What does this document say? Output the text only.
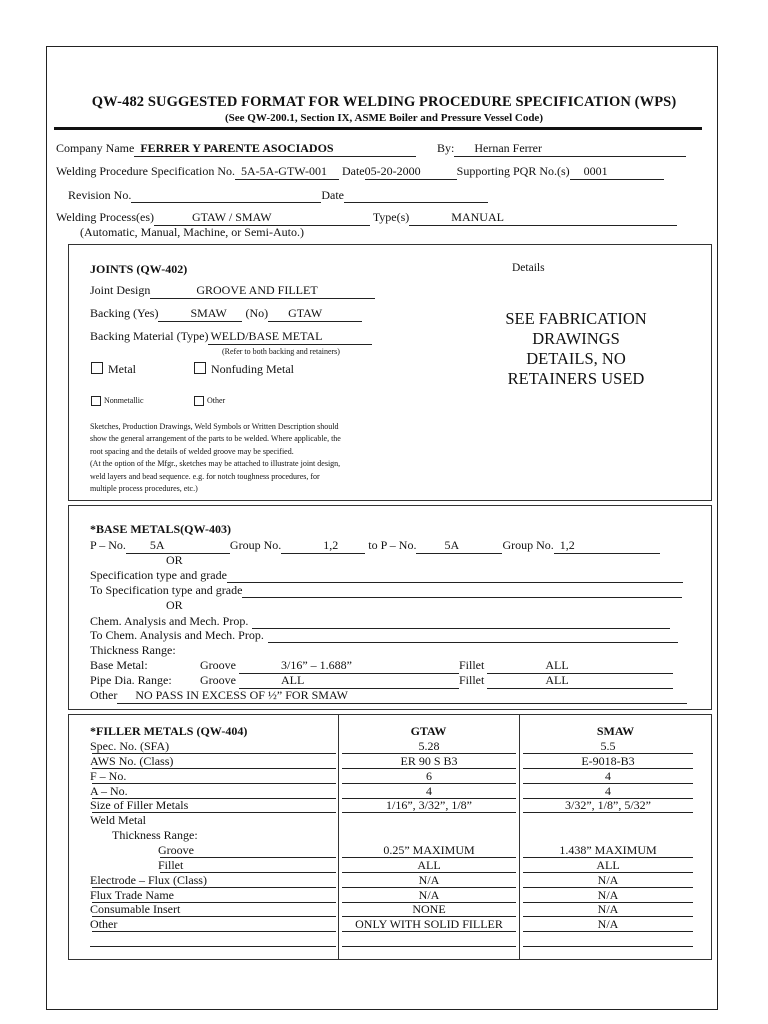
QW-482 SUGGESTED FORMAT FOR WELDING PROCEDURE SPECIFICATION (WPS)
(See QW-200.1, Section IX, ASME Boiler and Pressure Vessel Code)
Company Name FERRER Y PARENTE ASOCIADOS	By: Hernan Ferrer
Welding Procedure Specification No. 5A-5A-GTW-001 Date05-20-2000	Supporting PQR No.(s) 0001
Revision No.	Date
Welding Process(es)	GTAW / SMAW	Type(s)	MANUAL
(Automatic, Manual, Machine, or Semi-Auto.)
JOINTS (QW-402)	Details
Joint Design	GROOVE AND FILLET
Backing (Yes)	SMAW (No) GTAW
Backing Material (Type) WELD/BASE METAL
(Refer to both backing and retainers)
Metal	Nonfuding Metal
Nonmetallic	Other
SEE FABRICATION
DRAWINGS
DETAILS, NO
RETAINERS USED
Sketches, Production Drawings, Weld Symbols or Written Description should
show the general arrangement of the parts to be welded. Where applicable, the
root spacing and the details of welded groove may be specified.
(At the option of the Mfgr., sketches may be attached to illustrate joint design,
weld layers and bead sequence. e.g. for notch toughness procedures, for
multiple process procedures, etc.)
*BASE METALS(QW-403)
P – No. 5A	Group No.	1,2	to P – No. 5A	Group No. 1,2
OR
Specification type and grade
To Specification type and grade
OR
Chem. Analysis and Mech. Prop.
To Chem. Analysis and Mech. Prop.
Thickness Range:
Base Metal:	Groove	3/16” – 1.688”	Fillet	ALL
Pipe Dia. Range: Groove	ALL	Fillet	ALL
Other NO PASS IN EXCESS OF ½” FOR SMAW
*FILLER METALS (QW-404)	GTAW	SMAW
Spec. No. (SFA)	5.28	5.5
AWS No. (Class)	ER 90 S B3	E-9018-B3
F – No.	6	4
A – No.	4	4
Size of Filler Metals	1/16”, 3/32”, 1/8”	3/32”, 1/8”, 5/32”
Weld Metal
Thickness Range:
Groove	0.25” MAXIMUM	1.438” MAXIMUM
Fillet	ALL	ALL
Electrode – Flux (Class)	N/A	N/A
Flux Trade Name	N/A	N/A
Consumable Insert	NONE	N/A
Other	ONLY WITH SOLID FILLER	N/A
